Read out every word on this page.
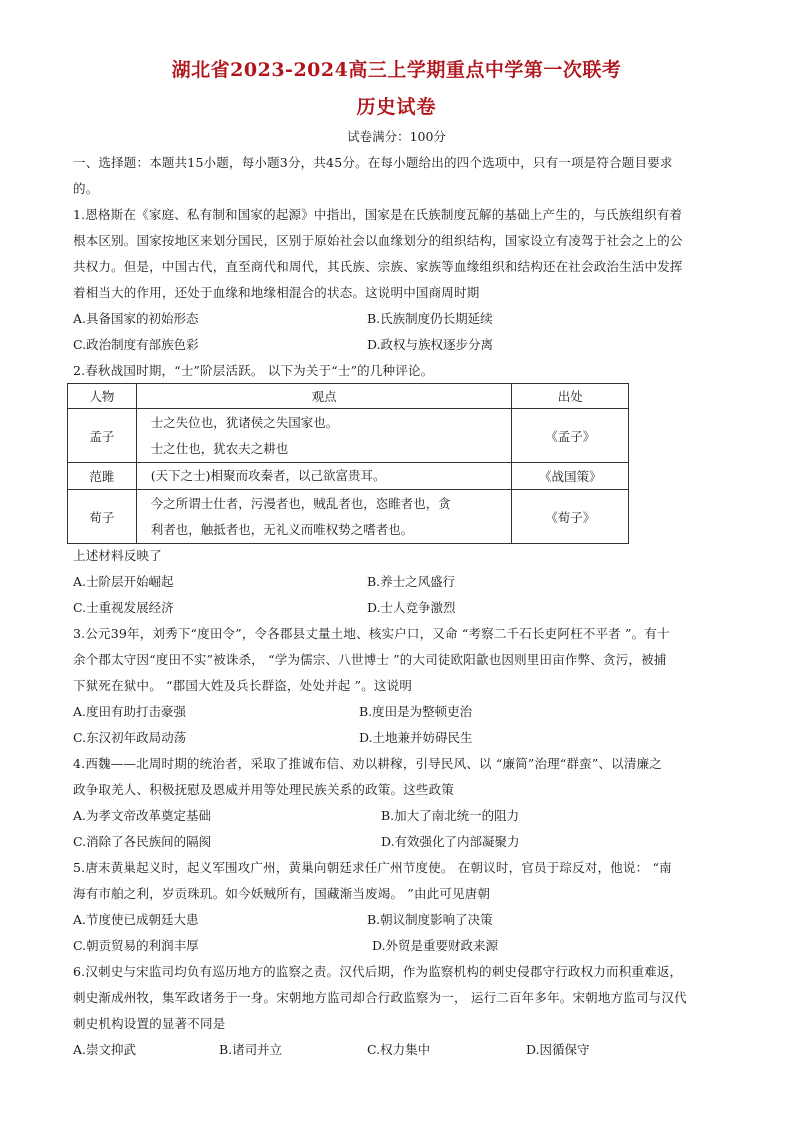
湖北省2023-2024高三上学期重点中学第一次联考
历史试卷
试卷满分：100分
一、选择题：本题共15小题，每小题3分，共45分。在每小题给出的四个选项中，只有一项是符合题目要求
的。
1.恩格斯在《家庭、私有制和国家的起源》中指出，国家是在氏族制度瓦解的基础上产生的，与氏族组织有着
根本区别。国家按地区来划分国民，区别于原始社会以血缘划分的组织结构，国家设立有凌驾于社会之上的公
共权力。但是，中国古代，直至商代和周代，其氏族、宗族、家族等血缘组织和结构还在社会政治生活中发挥
着相当大的作用，还处于血缘和地缘相混合的状态。这说明中国商周时期
A.具备国家的初始形态	B.氏族制度仍长期延续
C.政治制度有部族色彩	D.政权与族权逐步分离
2.春秋战国时期，“士”阶层活跃。 以下为关于“士”的几种评论。
人物	观点	出处
孟子	士之失位也，犹诸侯之失国家也。
士之仕也，犹农夫之耕也	《孟子》
范雎	(天下之士)相聚而攻秦者，以己欲富贵耳。	《战国策》
荀子	今之所谓士仕者，污漫者也，贼乱者也，恣睢者也，贪
利者也，触抵者也，无礼义而唯权势之嗜者也。	《荀子》
上述材料反映了
A.士阶层开始崛起	B.养士之风盛行
C.士重视发展经济	D.士人竞争激烈
3.公元39年，刘秀下“度田令”，令各郡县丈量土地、核实户口，又命 “考察二千石长吏阿枉不平者 ”。有十
余个郡太守因“度田不实”被诛杀， “学为儒宗、八世博士 ”的大司徒欧阳歙也因则里田亩作弊、贪污，被捕
下狱死在狱中。 “郡国大姓及兵长群盗，处处并起 ”。这说明
A.度田有助打击豪强	B.度田是为整顿吏治
C.东汉初年政局动荡	D.土地兼并妨碍民生
4.西魏——北周时期的统治者，采取了推诚布信、劝以耕稼，引导民风、以 “廉简”治理“群蛮”、以清廉之
政争取羌人、积极抚慰及恩威并用等处理民族关系的政策。这些政策
A.为孝文帝改革奠定基础	B.加大了南北统一的阻力
C.消除了各民族间的隔阂	D.有效强化了内部凝聚力
5.唐末黄巢起义时，起义军围攻广州，黄巢向朝廷求任广州节度使。 在朝议时，官员于琮反对，他说： “南
海有市舶之利，岁贡珠玑。如今妖贼所有，国藏渐当废竭。 ”由此可见唐朝
A.节度使已成朝廷大患	B.朝议制度影响了决策
C.朝贡贸易的利润丰厚	D.外贸是重要财政来源
6.汉刺史与宋监司均负有巡历地方的监察之责。汉代后期，作为监察机构的刺史侵郡守行政权力而积重难返，
刺史渐成州牧，集军政诸务于一身。宋朝地方监司却合行政监察为一， 运行二百年多年。宋朝地方监司与汉代
刺史机构设置的显著不同是
A.崇文抑武	B.诸司并立	C.权力集中	D.因循保守
